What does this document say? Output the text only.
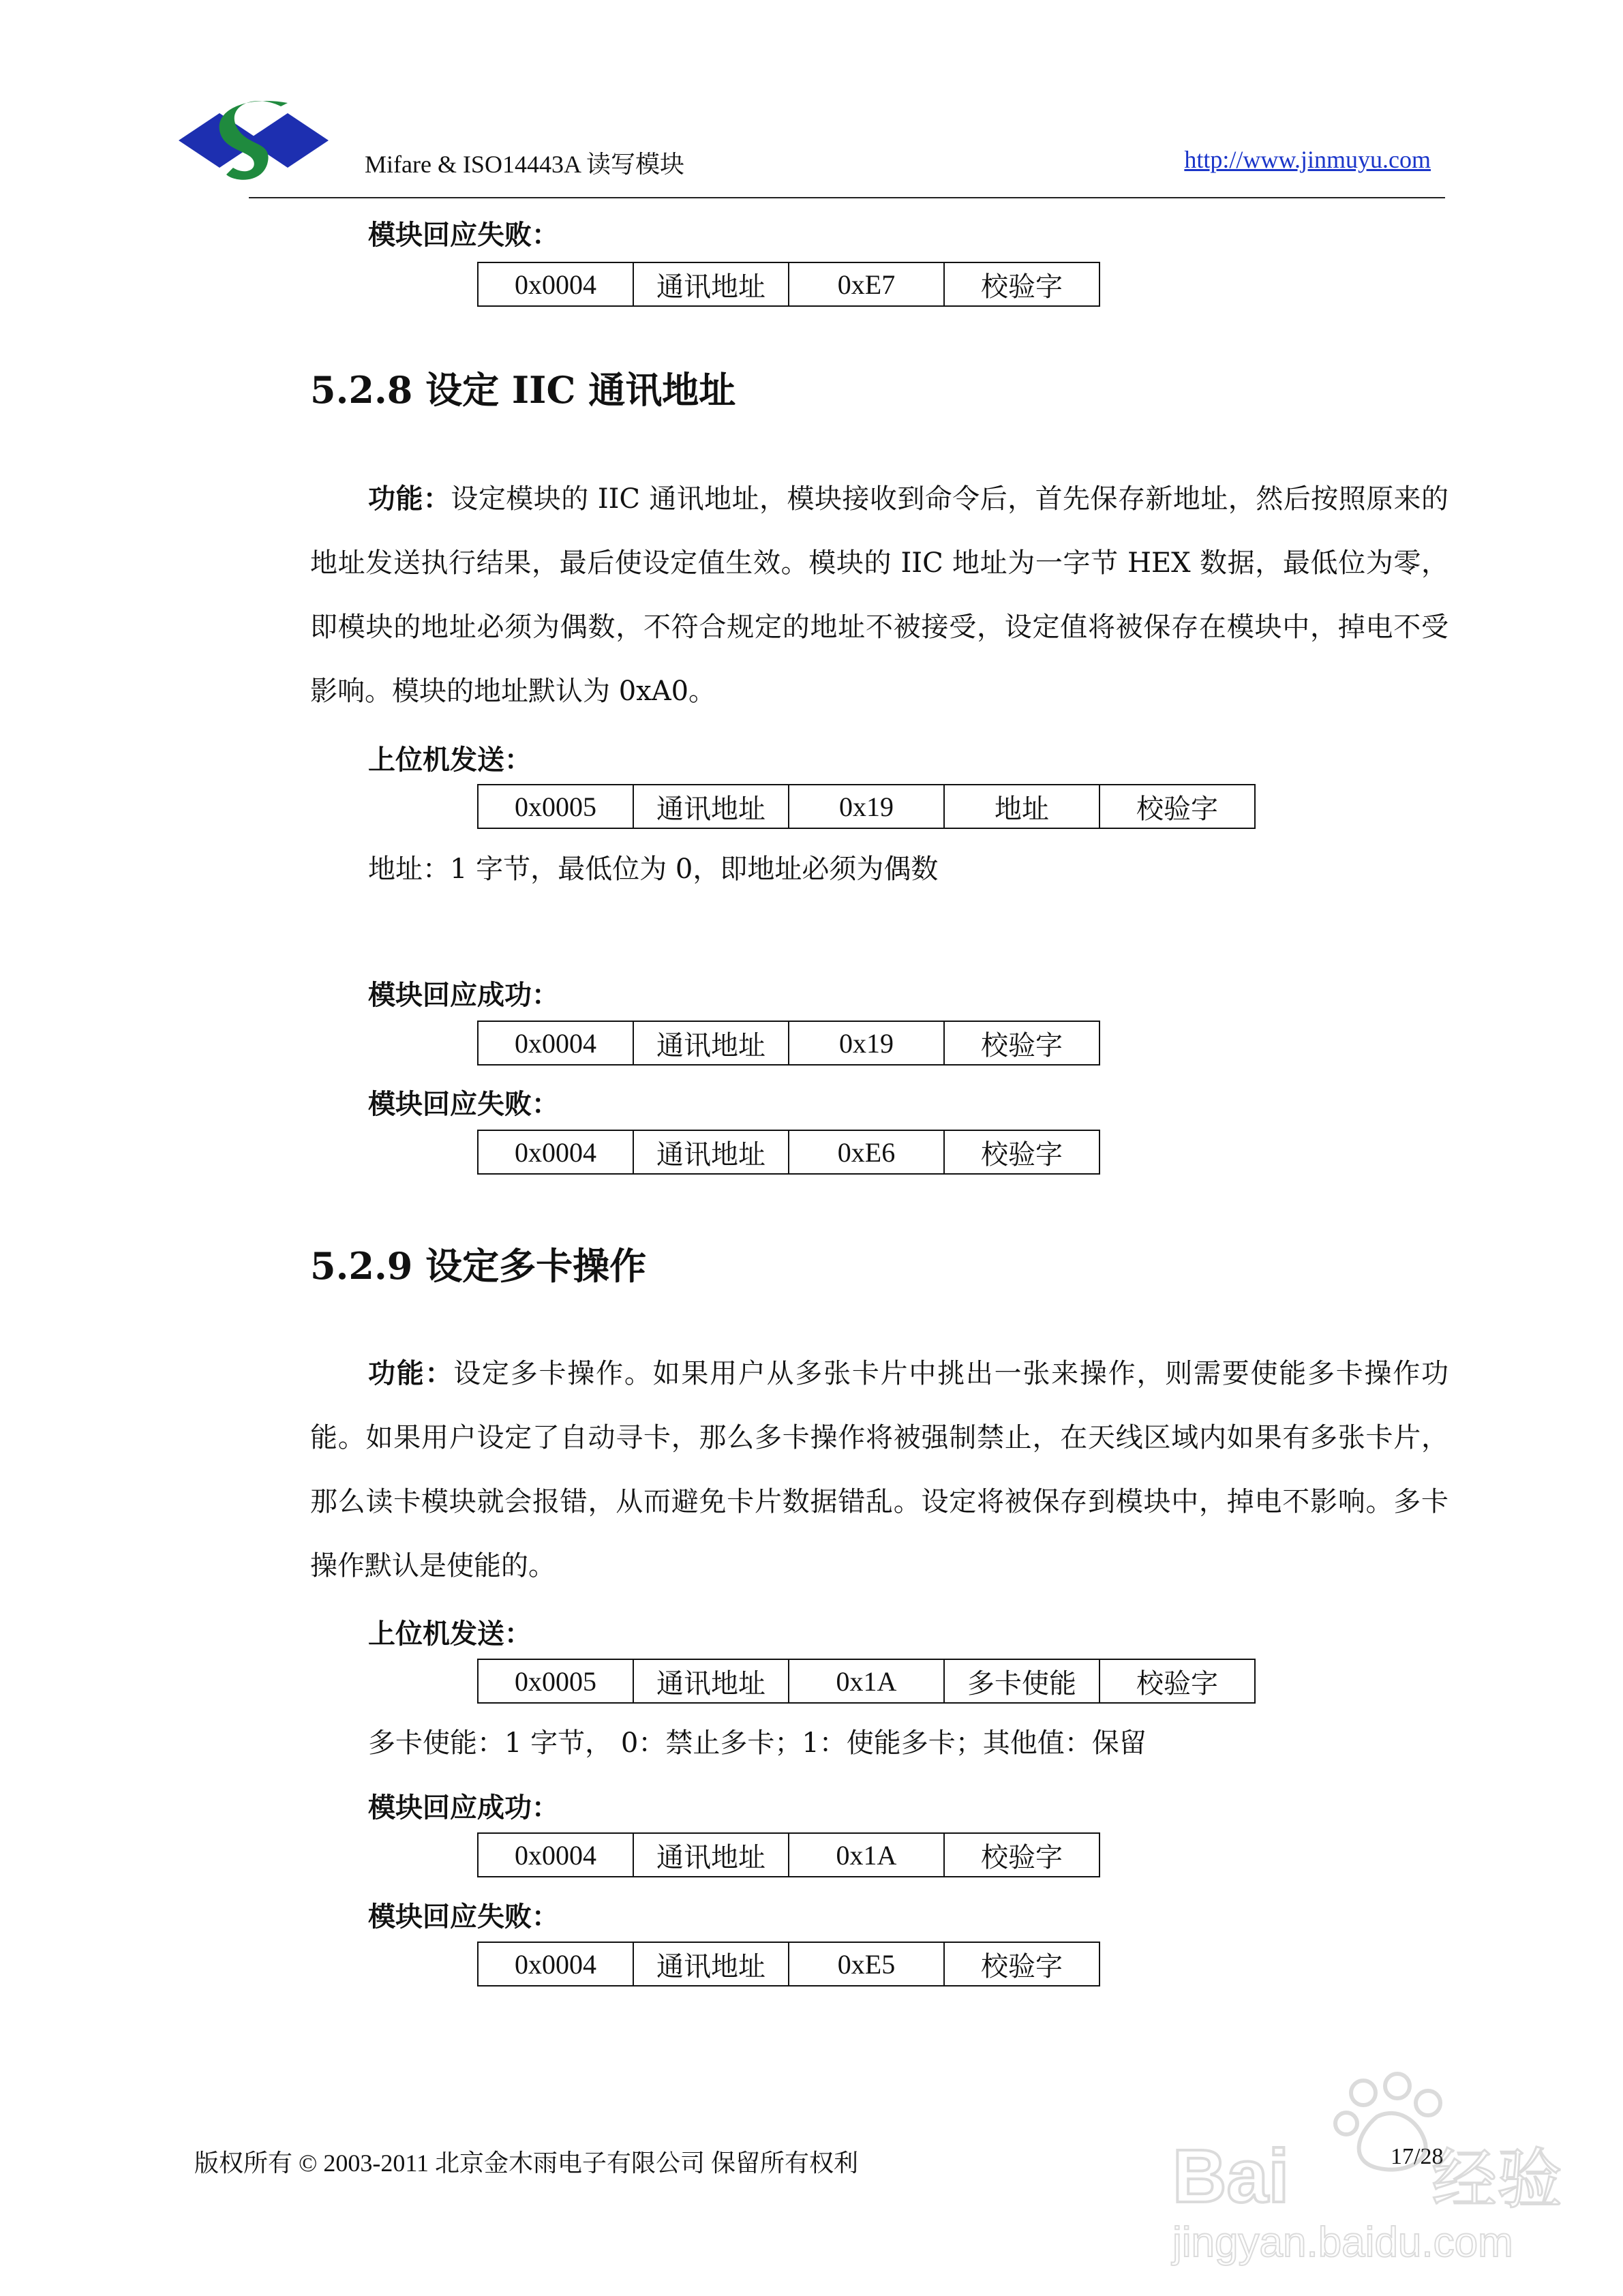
Mifare & ISO14443A 读写模块	http://www.jinmuyu.com
模块回应失败：
0x0004	通讯地址	0xE7	校验字
5.2.8 设定 IIC 通讯地址

功能：设定模块的 IIC 通讯地址，模块接收到命令后，首先保存新地址，然后按照原来的地址发送执行结果，最后使设定值生效。模块的 IIC 地址为一字节 HEX 数据，最低位为零，即模块的地址必须为偶数，不符合规定的地址不被接受，设定值将被保存在模块中，掉电不受影响。模块的地址默认为 0xA0。

上位机发送：
0x0005	通讯地址	0x19	地址	校验字
地址：1 字节，最低位为 0，即地址必须为偶数
模块回应成功：
0x0004	通讯地址	0x19	校验字
模块回应失败：
0x0004	通讯地址	0xE6	校验字
5.2.9 设定多卡操作

功能：设定多卡操作。如果用户从多张卡片中挑出一张来操作，则需要使能多卡操作功能。如果用户设定了自动寻卡，那么多卡操作将被强制禁止，在天线区域内如果有多张卡片，那么读卡模块就会报错，从而避免卡片数据错乱。设定将被保存到模块中，掉电不影响。多卡操作默认是使能的。

上位机发送：
0x0005	通讯地址	0x1A	多卡使能	校验字
多卡使能：1 字节， 0：禁止多卡；1：使能多卡；其他值：保留
模块回应成功：
0x0004	通讯地址	0x1A	校验字
模块回应失败：
0x0004	通讯地址	0xE5	校验字
版权所有 © 2003-2011 北京金木雨电子有限公司 保留所有权利	17/28
Bai 经验
jingyan.baidu.com
